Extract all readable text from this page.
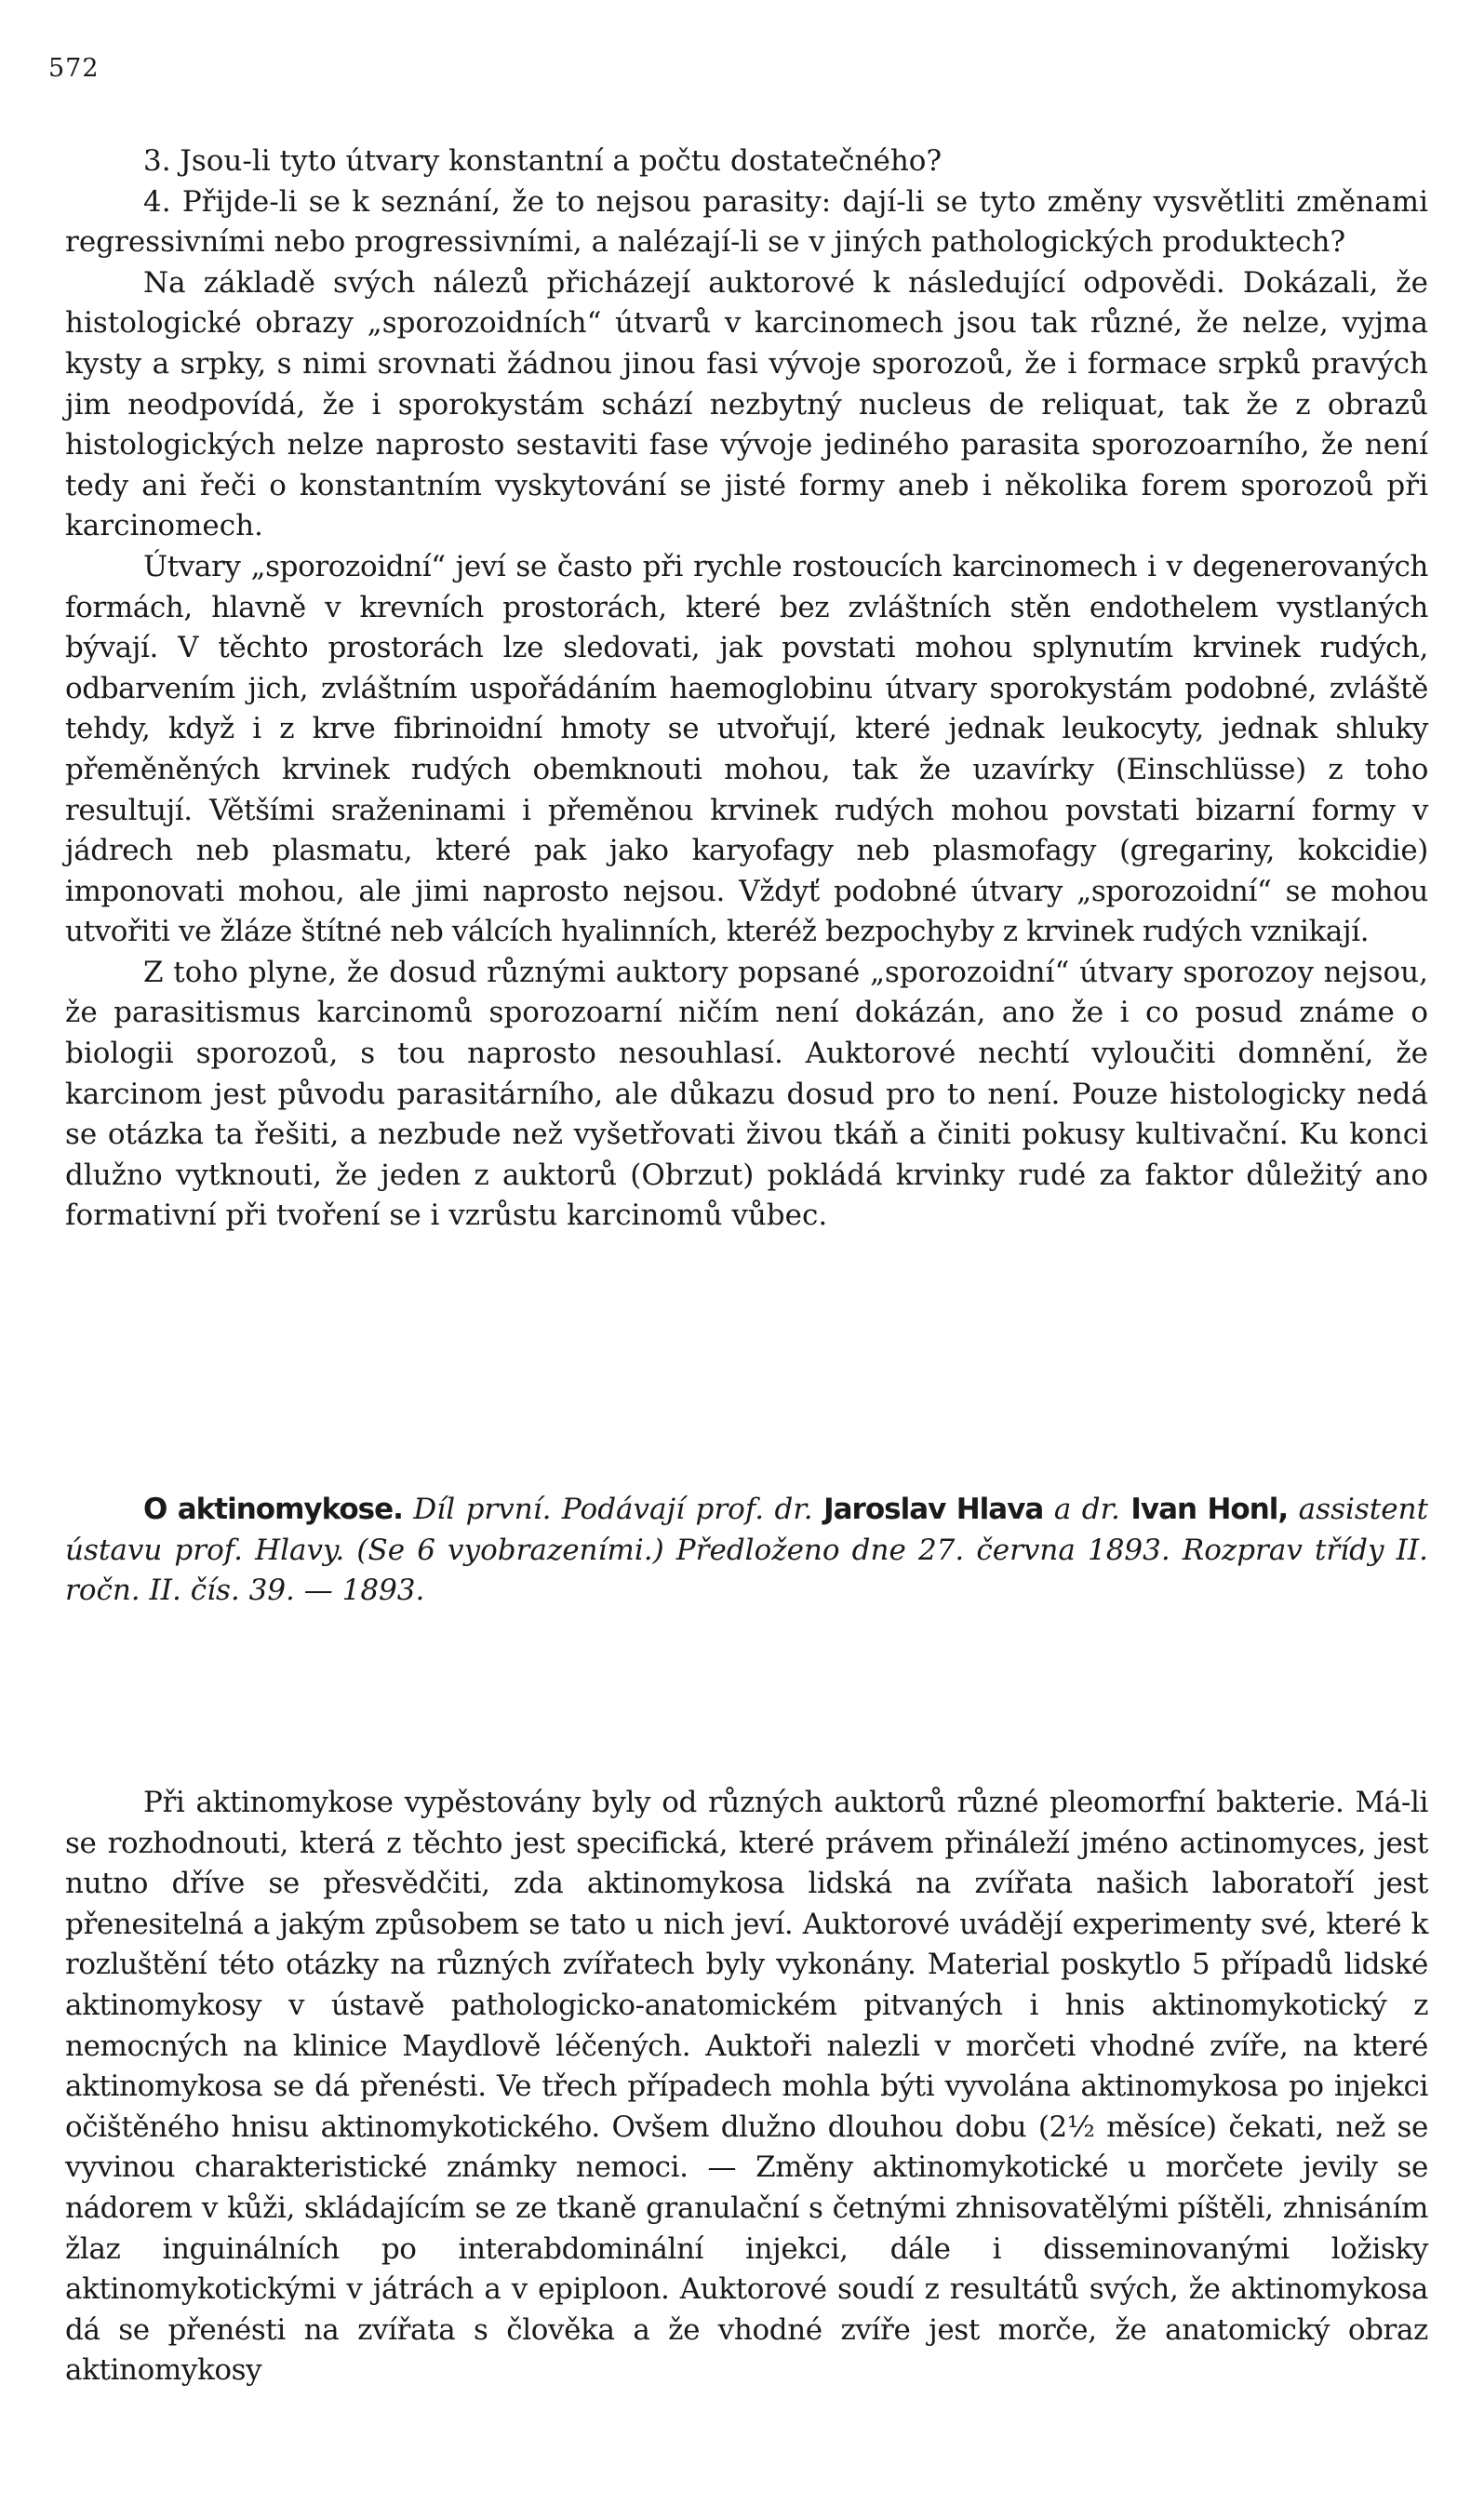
572

3. Jsou-li tyto útvary konstantní a počtu dostatečného?

4. Přijde-li se k seznání, že to nejsou parasity: dají-li se tyto změny vysvětliti změnami regressivními nebo progressivními, a nalézají-li se v jiných pathologických produktech?

Na základě svých nálezů přicházejí auktorové k následující odpovědi. Dokázali, že histologické obrazy „sporozoidních“ útvarů v karcinomech jsou tak různé, že nelze, vyjma kysty a srpky, s nimi srovnati žádnou jinou fasi vývoje sporozoů, že i formace srpků pravých jim neodpovídá, že i sporokystám schází nezbytný nucleus de reliquat, tak že z obrazů histologických nelze naprosto sestaviti fase vývoje jediného parasita sporozoarního, že není tedy ani řeči o konstantním vyskytování se jisté formy aneb i několika forem sporozoů při karcinomech.

Útvary „sporozoidní“ jeví se často při rychle rostoucích karcinomech i v degenerovaných formách, hlavně v krevních prostorách, které bez zvláštních stěn endothelem vystlaných bývají. V těchto prostorách lze sledovati, jak povstati mohou splynutím krvinek rudých, odbarvením jich, zvláštním uspořádáním haemoglobinu útvary sporokystám podobné, zvláště tehdy, když i z krve fibrinoidní hmoty se utvořují, které jednak leukocyty, jednak shluky přeměněných krvinek rudých obemknouti mohou, tak že uzavírky (Einschlüsse) z toho resultují. Většími sraženinami i přeměnou krvinek rudých mohou povstati bizarní formy v jádrech neb plasmatu, které pak jako karyofagy neb plasmofagy (gregariny, kokcidie) imponovati mohou, ale jimi naprosto nejsou. Vždyť podobné útvary „sporozoidní“ se mohou utvořiti ve žláze štítné neb válcích hyalinních, kteréž bezpochyby z krvinek rudých vznikají.

Z toho plyne, že dosud různými auktory popsané „sporozoidní“ útvary sporozoy nejsou, že parasitismus karcinomů sporozoarní ničím není dokázán, ano že i co posud známe o biologii sporozoů, s tou naprosto nesouhlasí. Auktorové nechtí vyloučiti domnění, že karcinom jest původu parasitárního, ale důkazu dosud pro to není. Pouze histologicky nedá se otázka ta řešiti, a nezbude než vyšetřovati živou tkáň a činiti pokusy kultivační. Ku konci dlužno vytknouti, že jeden z auktorů (Obrzut) pokládá krvinky rudé za faktor důležitý ano formativní při tvoření se i vzrůstu karcinomů vůbec.

O aktinomykose. Díl první. Podávají prof. dr. Jaroslav Hlava a dr. Ivan Honl, assistent ústavu prof. Hlavy. (Se 6 vyobrazeními.) Předloženo dne 27. června 1893. Rozprav třídy II. ročn. II. čís. 39. — 1893.

Při aktinomykose vypěstovány byly od různých auktorů různé pleomorfní bakterie. Má-li se rozhodnouti, která z těchto jest specifická, které právem přináleží jméno actinomyces, jest nutno dříve se přesvědčiti, zda aktinomykosa lidská na zvířata našich laboratoří jest přenesitelná a jakým způsobem se tato u nich jeví. Auktorové uvádějí experimenty své, které k rozluštění této otázky na různých zvířatech byly vykonány. Material poskytlo 5 případů lidské aktinomykosy v ústavě pathologicko-anatomickém pitvaných i hnis aktinomykotický z nemocných na klinice Maydlově léčených. Auktoři nalezli v morčeti vhodné zvíře, na které aktinomykosa se dá přenésti. Ve třech případech mohla býti vyvolána aktinomykosa po injekci očištěného hnisu aktinomykotického. Ovšem dlužno dlouhou dobu (2½ měsíce) čekati, než se vyvinou charakteristické známky nemoci. — Změny aktinomykotické u morčete jevily se nádorem v kůži, skládajícím se ze tkaně granulační s četnými zhnisovatělými píštěli, zhnisáním žlaz inguinálních po interabdominální injekci, dále i disseminovanými ložisky aktinomykotickými v játrách a v epiploon. Auktorové soudí z resultátů svých, že aktinomykosa dá se přenésti na zvířata s člověka a že vhodné zvíře jest morče, že anatomický obraz aktinomykosy
